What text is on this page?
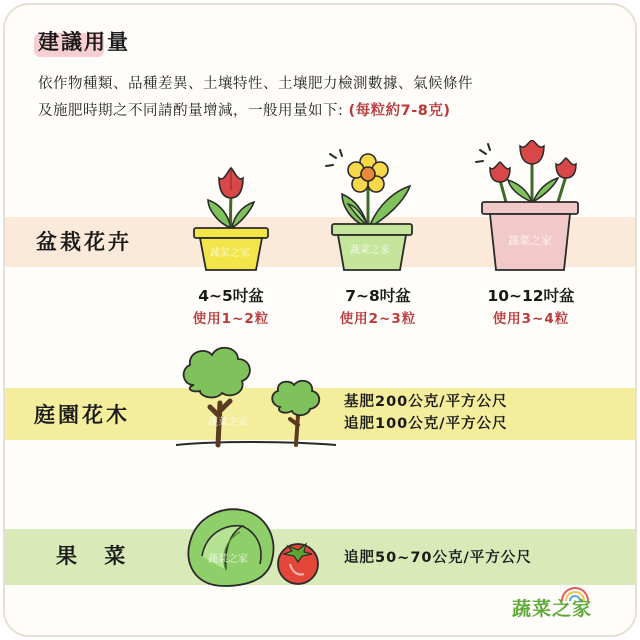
建議用量
依作物種類、品種差異、土壤特性、土壤肥力檢測數據、氣候條件
及施肥時期之不同請酌量增減，一般用量如下: (每粒約7-8克)
盆栽花卉
庭園花木
果 菜
蔬菜之家	蔬菜之家
蔬菜之家
4~5吋盆
使用1~2粒
7~8吋盆
使用2~3粒
10~12吋盆
使用3~4粒
蔬菜之家
基肥200公克/平方公尺
追肥100公克/平方公尺
蔬菜之家	追肥50~70公克/平方公尺
蔬菜之家
